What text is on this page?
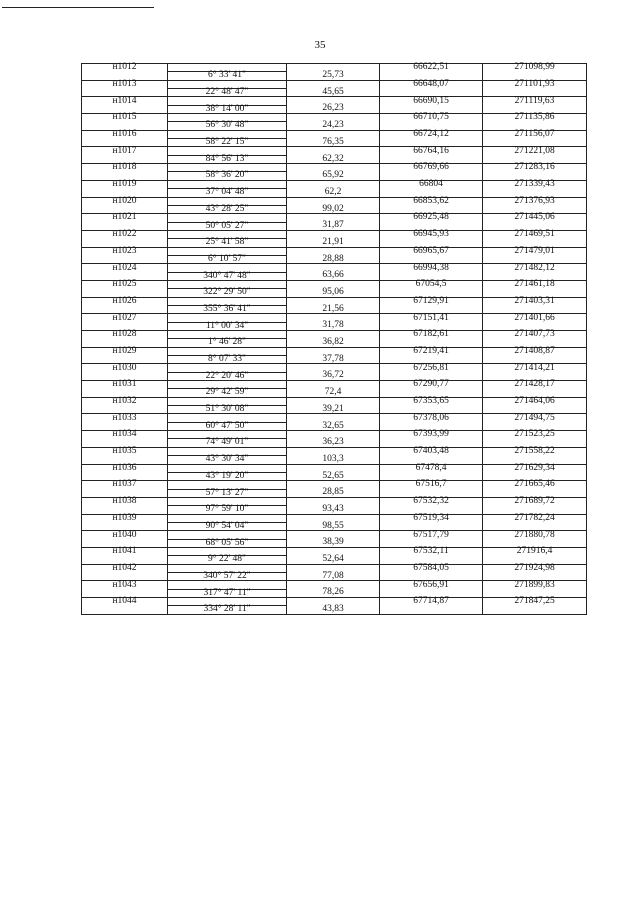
35
н1012			66622,51	271098,99
	6° 33' 41"	25,73		
н1013			66648,07	271101,93
	22° 48' 47"	45,65		
н1014			66690,15	271119,63
	38° 14' 00"	26,23		
н1015			66710,75	271135,86
	56° 30' 48"	24,23		
н1016			66724,12	271156,07
	58° 22' 15"	76,35		
н1017			66764,16	271221,08
	84° 56' 13"	62,32		
н1018			66769,66	271283,16
	58° 36' 20"	65,92		
н1019			66804	271339,43
	37° 04' 48"	62,2		
н1020			66853,62	271376,93
	43° 28' 25"	99,02		
н1021			66925,48	271445,06
	50° 05' 27"	31,87		
н1022			66945,93	271469,51
	25° 41' 58"	21,91		
н1023			66965,67	271479,01
	6° 10' 57"	28,88		
н1024			66994,38	271482,12
	340° 47' 48"	63,66		
н1025			67054,5	271461,18
	322° 29' 50"	95,06		
н1026			67129,91	271403,31
	355° 36' 41"	21,56		
н1027			67151,41	271401,66
	11° 00' 34"	31,78		
н1028			67182,61	271407,73
	1° 46' 28"	36,82		
н1029			67219,41	271408,87
	8° 07' 33"	37,78		
н1030			67256,81	271414,21
	22° 20' 46"	36,72		
н1031			67290,77	271428,17
	29° 42' 59"	72,4		
н1032			67353,65	271464,06
	51° 30' 08"	39,21		
н1033			67378,06	271494,75
	60° 47' 50"	32,65		
н1034			67393,99	271523,25
	74° 49' 01"	36,23		
н1035			67403,48	271558,22
	43° 30' 34"	103,3		
н1036			67478,4	271629,34
	43° 19' 20"	52,65		
н1037			67516,7	271665,46
	57° 13' 27"	28,85		
н1038			67532,32	271689,72
	97° 59' 10"	93,43		
н1039			67519,34	271782,24
	90° 54' 04"	98,55		
н1040			67517,79	271880,78
	68° 05' 56"	38,39		
н1041			67532,11	271916,4
	9° 22' 48"	52,64		
н1042			67584,05	271924,98
	340° 57' 22"	77,08		
н1043			67656,91	271899,83
	317° 47' 11"	78,26		
н1044			67714,87	271847,25
	334° 28' 11"	43,83		
